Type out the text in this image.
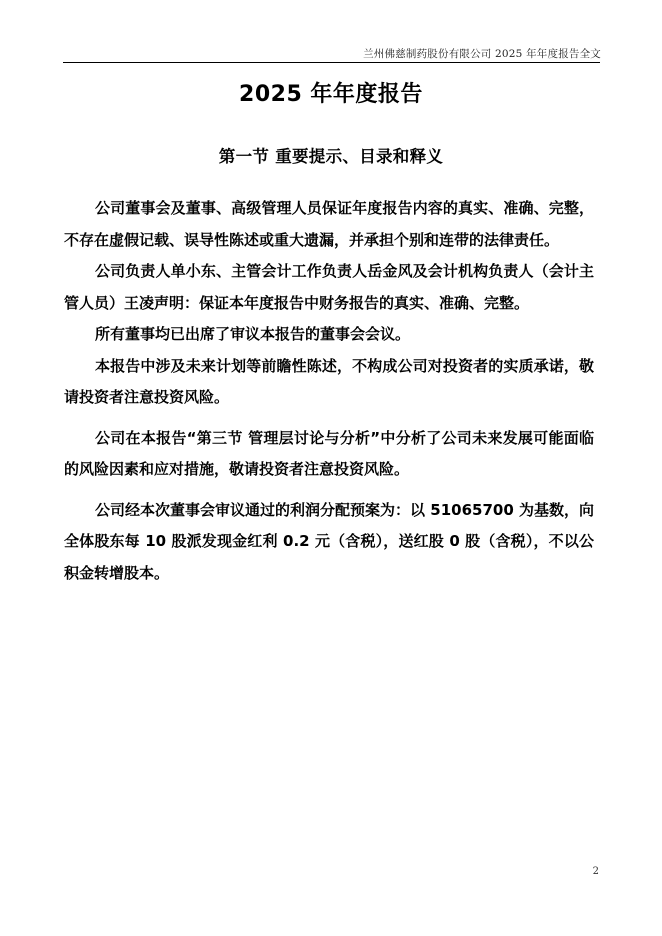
兰州佛慈制药股份有限公司 2025 年年度报告全文
2025 年年度报告
第一节 重要提示、目录和释义

公司董事会及董事、高级管理人员保证年度报告内容的真实、准确、完整，不存在虚假记载、误导性陈述或重大遗漏，并承担个别和连带的法律责任。

公司负责人单小东、主管会计工作负责人岳金风及会计机构负责人（会计主管人员）王凌声明：保证本年度报告中财务报告的真实、准确、完整。

所有董事均已出席了审议本报告的董事会会议。

本报告中涉及未来计划等前瞻性陈述，不构成公司对投资者的实质承诺，敬请投资者注意投资风险。

公司在本报告“第三节 管理层讨论与分析”中分析了公司未来发展可能面临的风险因素和应对措施，敬请投资者注意投资风险。

公司经本次董事会审议通过的利润分配预案为：以 51065700 为基数，向全体股东每 10 股派发现金红利 0.2 元（含税），送红股 0 股（含税），不以公积金转增股本。

2
